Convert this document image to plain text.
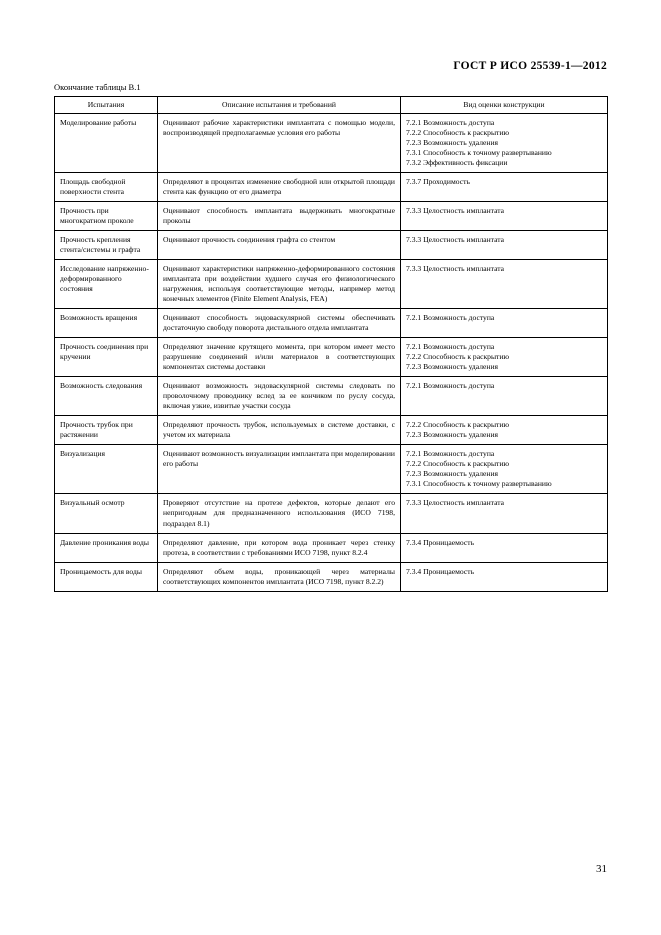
ГОСТ Р ИСО 25539-1—2012
Окончание таблицы В.1
Испытания	Описание испытания и требований	Вид оценки конструкции
Моделирование работы	Оценивают рабочие характеристики имплантата с помощью модели, воспроизводящей предполагаемые условия его работы	7.2.1 Возможность доступа
7.2.2 Способность к раскрытию
7.2.3 Возможность удаления
7.3.1 Способность к точному развертыванию
7.3.2 Эффективность фиксации

Площадь свободной поверхности стента	Определяют в процентах изменение свободной или открытой площади стента как функцию от его диаметра	7.3.7 Проходимость

Прочность при многократном проколе	Оценивают способность имплантата выдерживать многократные проколы	7.3.3 Целостность имплантата

Прочность крепления стента/системы и графта	Оценивают прочность соединения графта со стентом	7.3.3 Целостность имплантата

Исследование напряженно-деформированного состояния	Оценивают характеристики напряженно-деформированного состояния имплантата при воздействии худшего случая его физиологического нагружения, используя соответствующие методы, например метод конечных элементов (Finite Element Analysis, FEA)	7.3.3 Целостность имплантата

Возможность вращения	Оценивают способность эндоваскулярной системы обеспечивать достаточную свободу поворота дистального отдела имплантата	7.2.1 Возможность доступа

Прочность соединения при кручении	Определяют значение крутящего момента, при котором имеет место разрушение соединений и/или материалов в соответствующих компонентах системы доставки	7.2.1 Возможность доступа
7.2.2 Способность к раскрытию
7.2.3 Возможность удаления

Возможность следования	Оценивают возможность эндоваскулярной системы следовать по проволочному проводнику вслед за ее кончиком по руслу сосуда, включая узкие, извитые участки сосуда	7.2.1 Возможность доступа

Прочность трубок при растяжении	Определяют прочность трубок, используемых в системе доставки, с учетом их материала	7.2.2 Способность к раскрытию
7.2.3 Возможность удаления

Визуализация	Оценивают возможность визуализации имплантата при моделировании его работы	7.2.1 Возможность доступа
7.2.2 Способность к раскрытию
7.2.3 Возможность удаления
7.3.1 Способность к точному развертыванию

Визуальный осмотр	Проверяют отсутствие на протезе дефектов, которые делают его непригодным для предназначенного использования (ИСО 7198, подраздел 8.1)	7.3.3 Целостность имплантата

Давление проникания воды	Определяют давление, при котором вода проникает через стенку протеза, в соответствии с требованиями ИСО 7198, пункт 8.2.4	7.3.4 Проницаемость

Проницаемость для воды	Определяют объем воды, проникающей через материалы соответствующих компонентов имплантата (ИСО 7198, пункт 8.2.2)	7.3.4 Проницаемость
31
